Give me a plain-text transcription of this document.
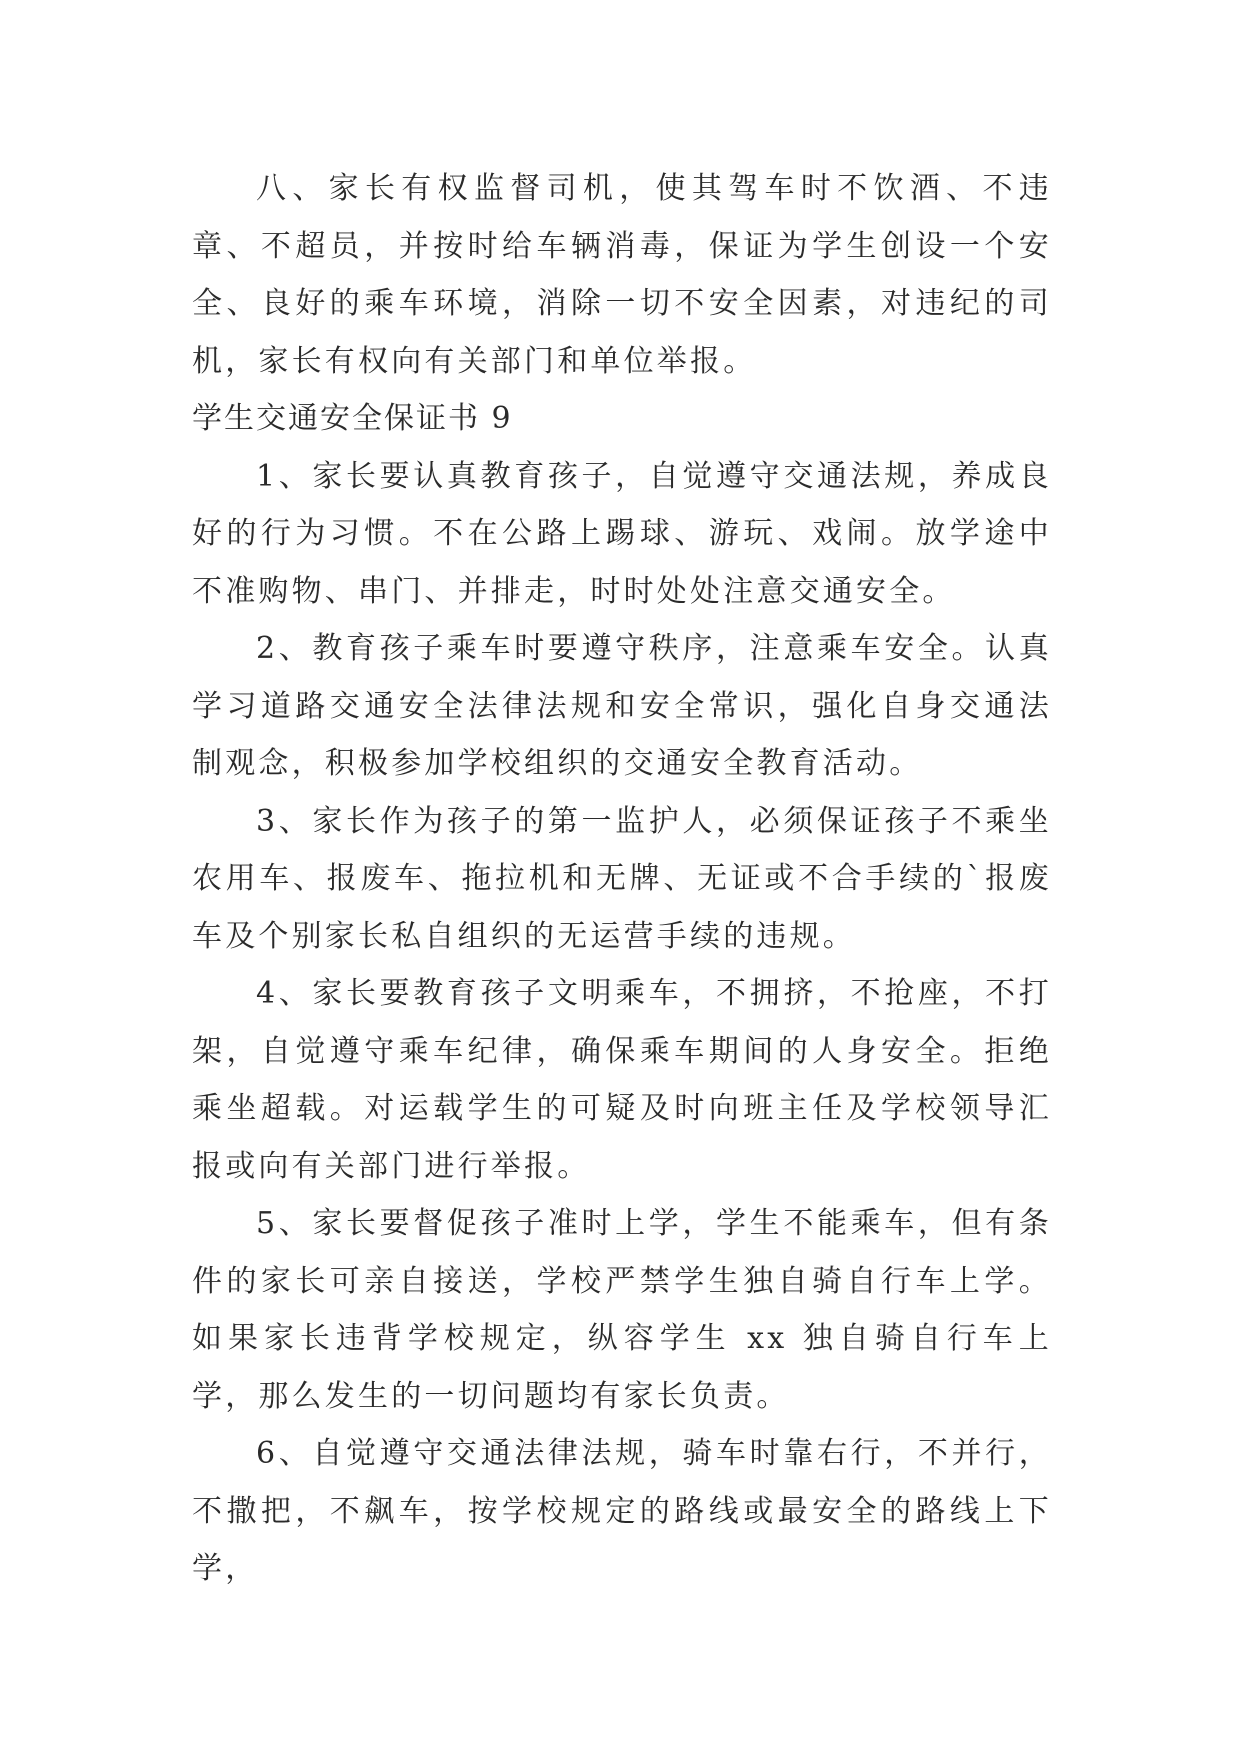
八、家长有权监督司机，使其驾车时不饮酒、不违章、不超员，并按时给车辆消毒，保证为学生创设一个安全、良好的乘车环境，消除一切不安全因素，对违纪的司机，家长有权向有关部门和单位举报。

学生交通安全保证书 9

1、家长要认真教育孩子，自觉遵守交通法规，养成良好的行为习惯。不在公路上踢球、游玩、戏闹。放学途中不准购物、串门、并排走，时时处处注意交通安全。

2、教育孩子乘车时要遵守秩序，注意乘车安全。认真学习道路交通安全法律法规和安全常识，强化自身交通法制观念，积极参加学校组织的交通安全教育活动。

3、家长作为孩子的第一监护人，必须保证孩子不乘坐农用车、报废车、拖拉机和无牌、无证或不合手续的`报废车及个别家长私自组织的无运营手续的违规。

4、家长要教育孩子文明乘车，不拥挤，不抢座，不打架，自觉遵守乘车纪律，确保乘车期间的人身安全。拒绝乘坐超载。对运载学生的可疑及时向班主任及学校领导汇报或向有关部门进行举报。

5、家长要督促孩子准时上学，学生不能乘车，但有条件的家长可亲自接送，学校严禁学生独自骑自行车上学。如果家长违背学校规定，纵容学生 xx 独自骑自行车上学，那么发生的一切问题均有家长负责。

6、自觉遵守交通法律法规，骑车时靠右行，不并行，不撒把，不飙车，按学校规定的路线或最安全的路线上下学，
